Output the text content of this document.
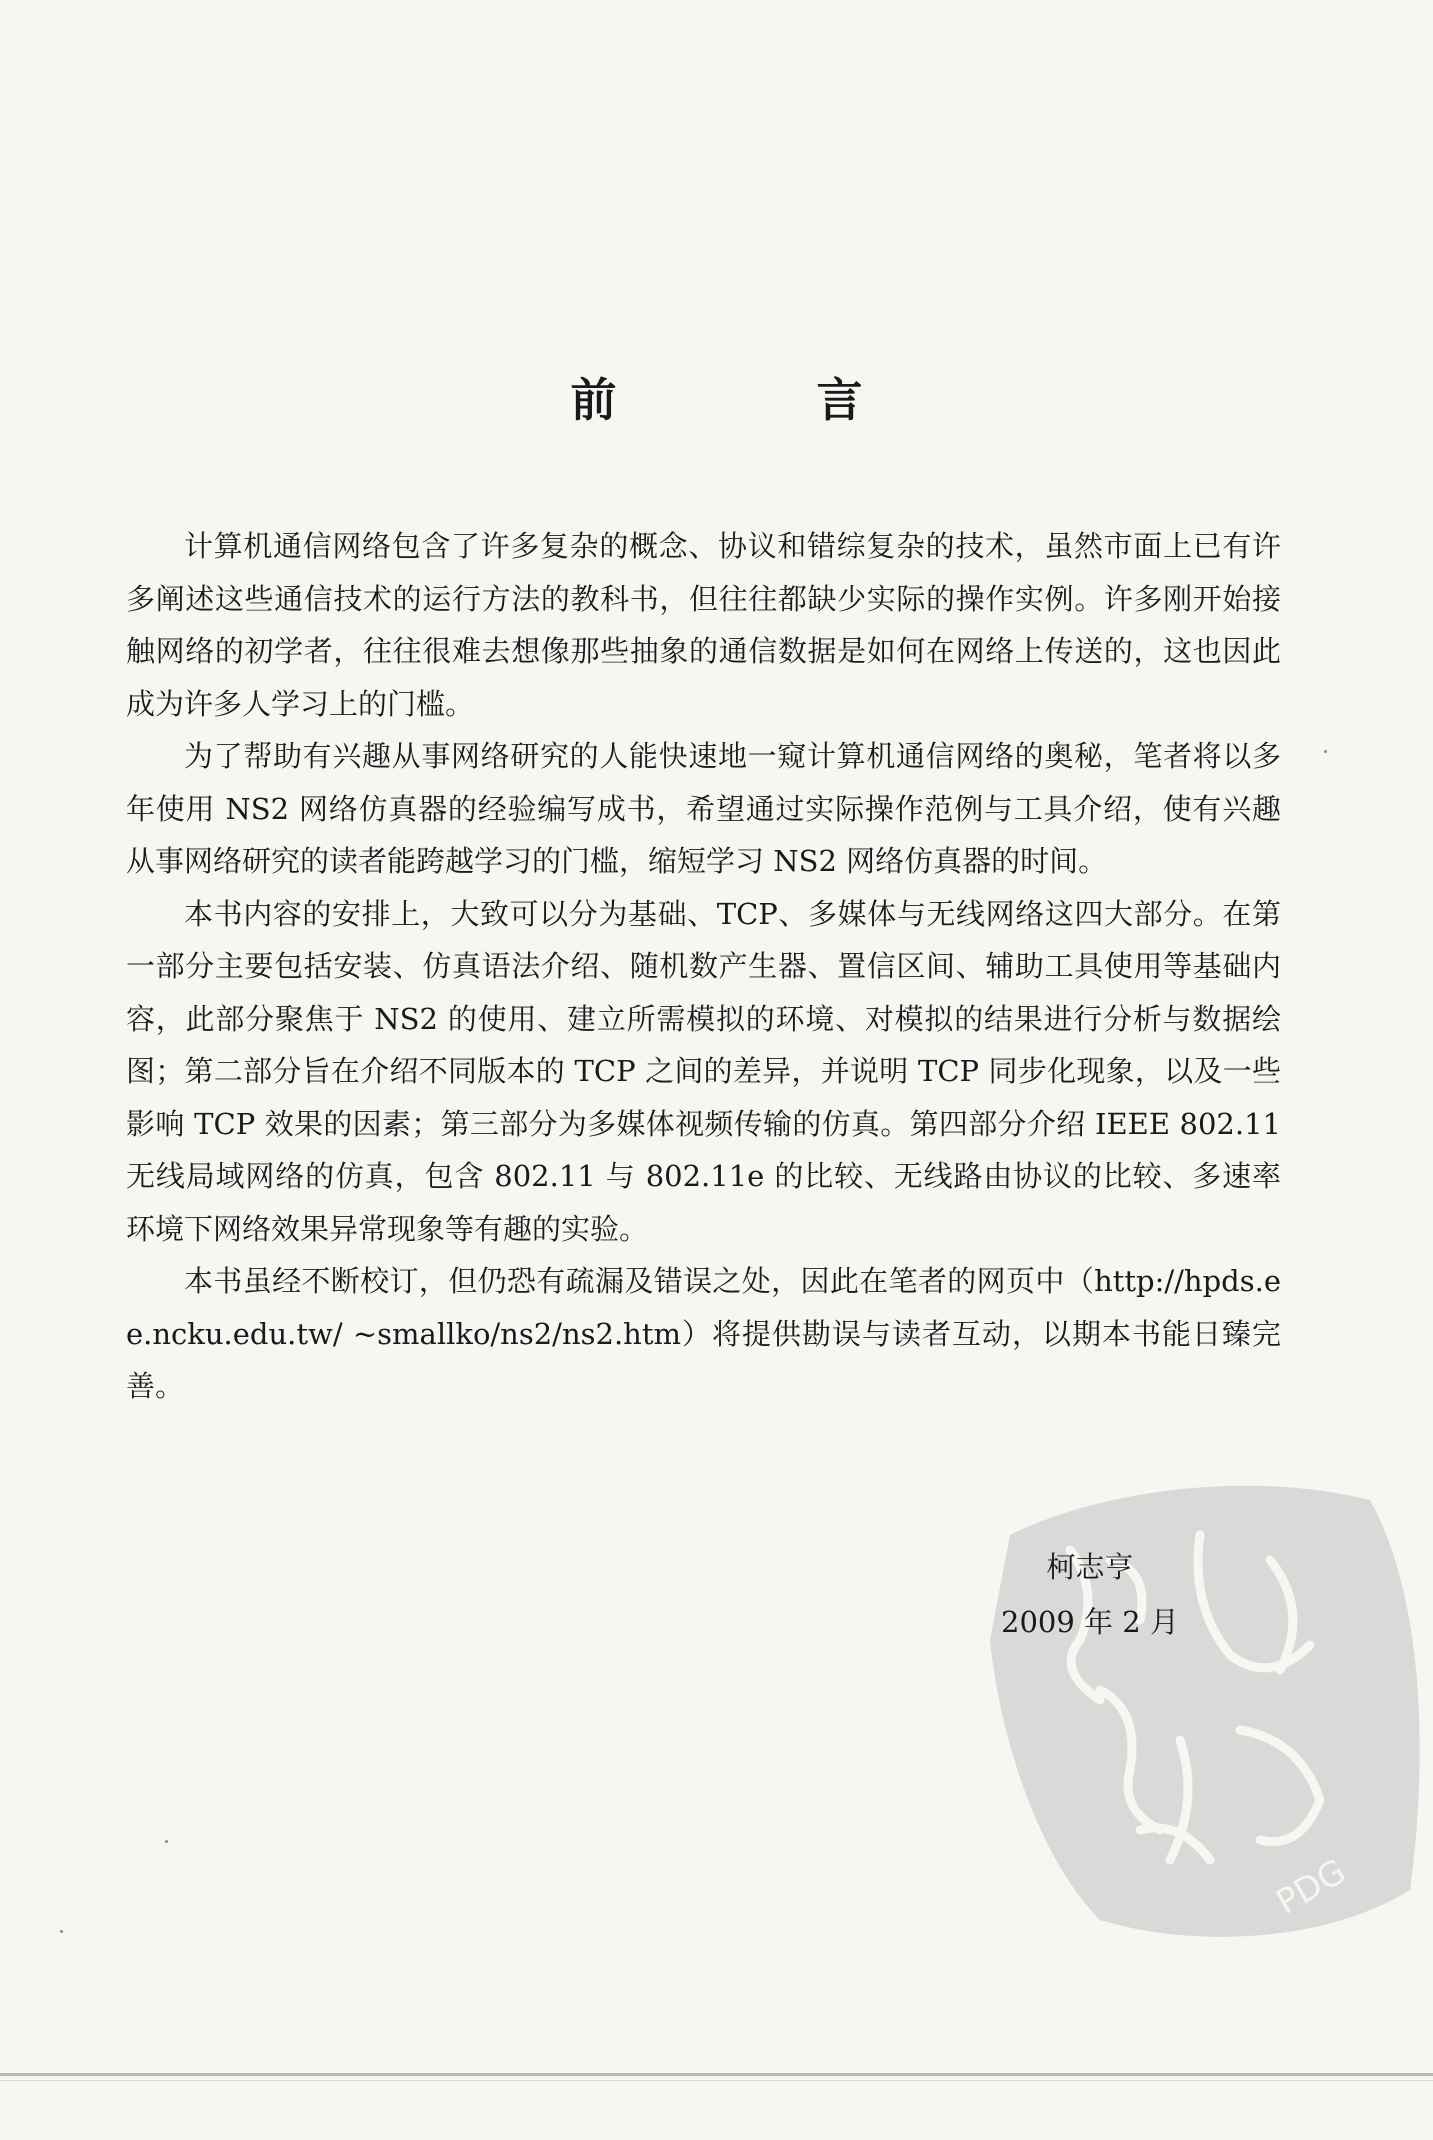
前 言

计算机通信网络包含了许多复杂的概念、协议和错综复杂的技术，虽然市面上已有许多阐述这些通信技术的运行方法的教科书，但往往都缺少实际的操作实例。许多刚开始接触网络的初学者，往往很难去想像那些抽象的通信数据是如何在网络上传送的，这也因此成为许多人学习上的门槛。

为了帮助有兴趣从事网络研究的人能快速地一窥计算机通信网络的奥秘，笔者将以多年使用 NS2 网络仿真器的经验编写成书，希望通过实际操作范例与工具介绍，使有兴趣从事网络研究的读者能跨越学习的门槛，缩短学习 NS2 网络仿真器的时间。

本书内容的安排上，大致可以分为基础、TCP、多媒体与无线网络这四大部分。在第一部分主要包括安装、仿真语法介绍、随机数产生器、置信区间、辅助工具使用等基础内容，此部分聚焦于 NS2 的使用、建立所需模拟的环境、对模拟的结果进行分析与数据绘图；第二部分旨在介绍不同版本的 TCP 之间的差异，并说明 TCP 同步化现象，以及一些影响 TCP 效果的因素；第三部分为多媒体视频传输的仿真。第四部分介绍 IEEE 802.11 无线局域网络的仿真，包含 802.11 与 802.11e 的比较、无线路由协议的比较、多速率环境下网络效果异常现象等有趣的实验。

本书虽经不断校订，但仍恐有疏漏及错误之处，因此在笔者的网页中（http://hpds.ee.ncku.edu.tw/ ~smallko/ns2/ns2.htm）将提供勘误与读者互动，以期本书能日臻完善。

PDG
柯志亨
2009 年 2 月
